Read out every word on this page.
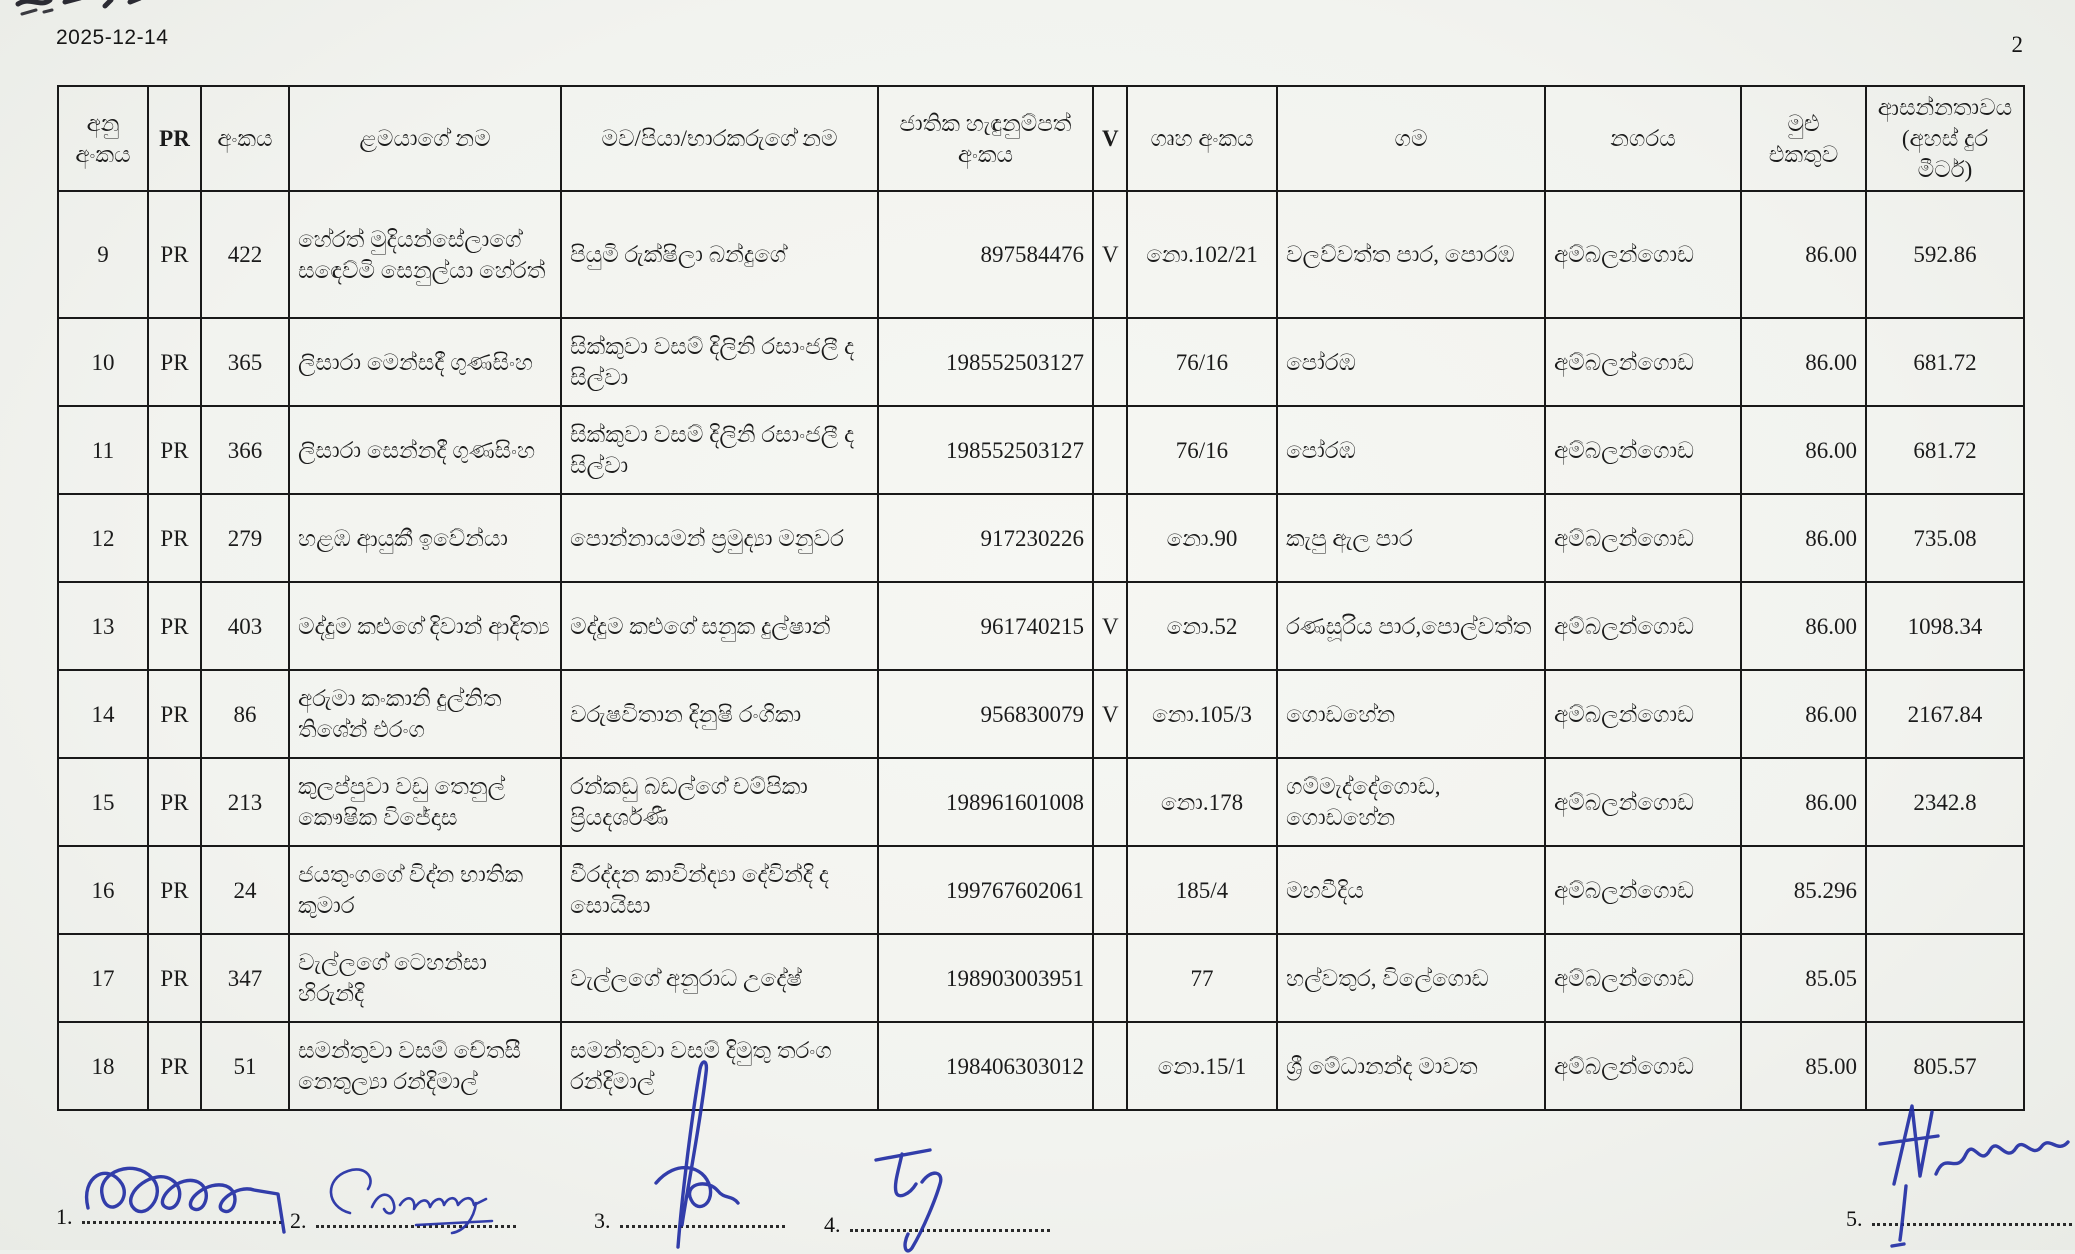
2025-12-14	2
අනු අංකය	PR	අංකය	ළමයාගේ නම	මව/පියා/භාරකරුගේ නම	ජාතික හැඳුනුම්පත් අංකය	V	ගෘහ අංකය	ගම	නගරය	මුළු එකතුව	ආසන්නතාවය (අහස් දුර මීටර්)
9	PR	422	හේරත් මුදියන්සේලාගේ සඳෙව්මි සෙනුල්යා හේරත්	පියුමි රුක්ෂිලා බන්දුගේ	897584476	V	නො.102/21	වලව්වත්ත පාර, පොරඹ	අම්බලන්ගොඩ	86.00	592.86
10	PR	365	ලිසාරා මෙන්සදී ගුණසිංහ	සික්කුවා වසම් දිලිනි රසාංජලී ද සිල්වා	198552503127		76/16	පෝරඹ	අම්බලන්ගොඩ	86.00	681.72
11	PR	366	ලිසාරා සෙන්නදී ගුණසිංහ	සික්කුවා වසම් දිලිනි රසාංජලී ද සිල්වා	198552503127		76/16	පෝරඹ	අම්බලන්ගොඩ	86.00	681.72
12	PR	279	හළඹ ආයුකී ඉවේන්යා	පොන්නායමන් ප්‍රමුද්‍යා මනුවර	917230226		නො.90	කැපු ඇල පාර	අම්බලන්ගොඩ	86.00	735.08
13	PR	403	මද්දුම කළුගේ දිවාන් ආදිත්‍ය	මද්දුම කළුගේ සනුක දුල්ෂාන්	961740215	V	නො.52	රණසූරිය පාර,පොල්වත්ත	අම්බලන්ගොඩ	86.00	1098.34
14	PR	86	අරුමා කංකානි දුල්නිත තිශේන් එරංග	වරුෂවිතාන දිනුෂි රංගිකා	956830079	V	නො.105/3	ගොඩහේන	අම්බලන්ගොඩ	86.00	2167.84
15	PR	213	කුලප්පුවා වඩු තෙනුල් කෞෂික විජේදාස	රන්කඩු බඩල්ගේ චම්පිකා ප්‍රියදර්ශණී	198961601008		නො.178	ගම්මැද්දේගොඩ, ගොඩහේන	අම්බලන්ගොඩ	86.00	2342.8
16	PR	24	ජයතුංගගේ විද්න භාතික කුමාර	වීරද්දන කාවින්ද්‍යා දේවින්දි ද සොයිසා	199767602061		185/4	මහවීදිය	අම්බලන්ගොඩ	85.296	
17	PR	347	වැල්ලගේ ටෙහන්සා හිරුන්දි	වැල්ලගේ අනුරාධ උදේෂ්	198903003951		77	හල්වතුර, විලේගොඩ	අම්බලන්ගොඩ	85.05	
18	PR	51	සමන්තුවා වසම් චේතසී නෙතුල්‍යා රන්දිමාල්	සමන්තුවා වසම් දිමුතු තරංග රන්දිමාල්	198406303012		නො.15/1	ශ්‍රී මේධානන්ද මාවත	අම්බලන්ගොඩ	85.00	805.57
1.	2.	3.	4.	5.
